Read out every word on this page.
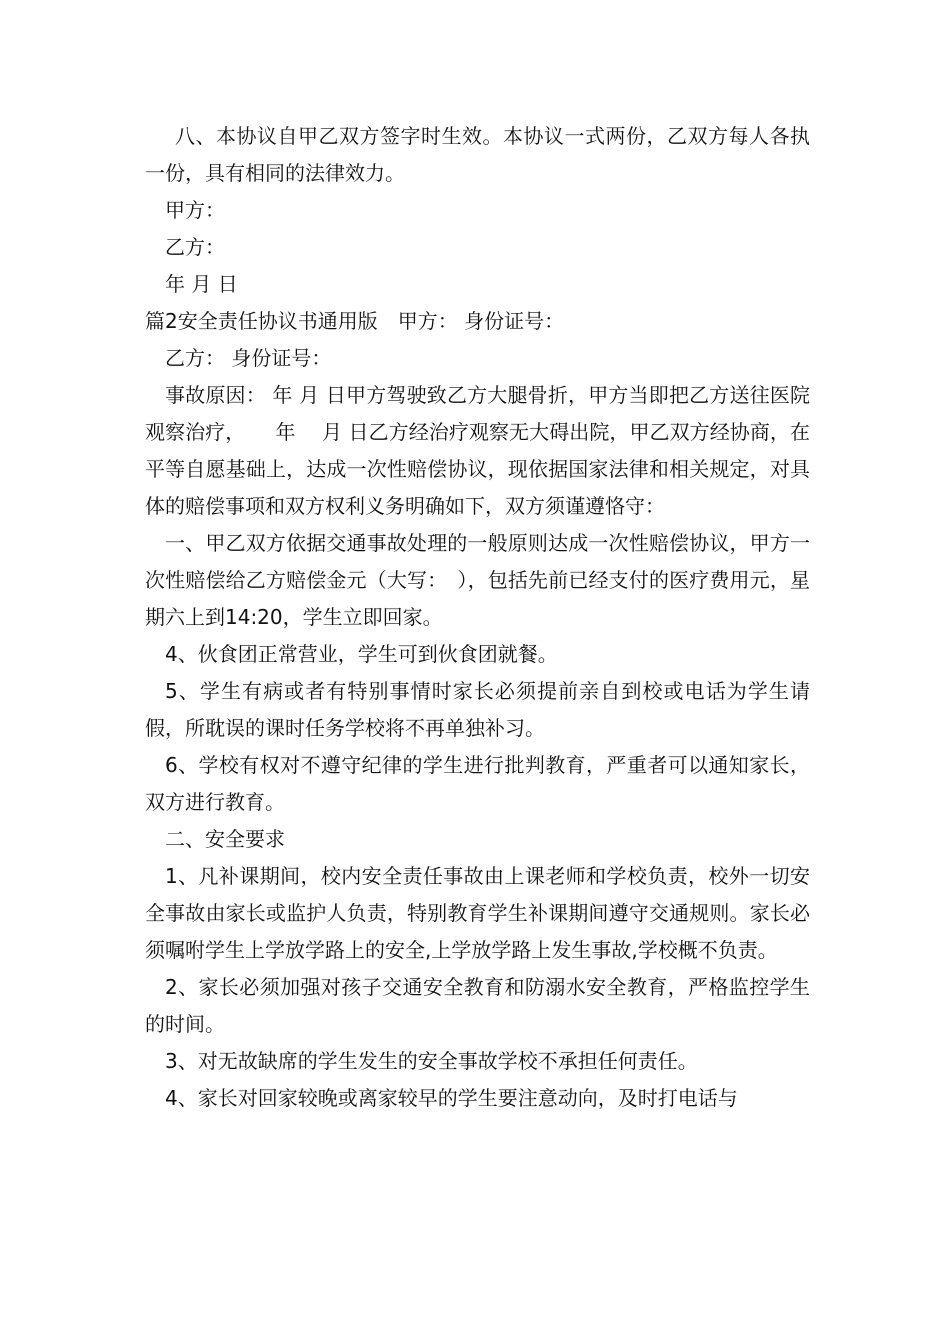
八、本协议自甲乙双方签字时生效。本协议一式两份，乙双方每人各执一份，具有相同的法律效力。

甲方：

乙方：

年 月 日

篇2安全责任协议书通用版　甲方： 身份证号：

乙方： 身份证号：

事故原因： 年 月 日甲方驾驶致乙方大腿骨折，甲方当即把乙方送往医院观察治疗，　　年　 月 日乙方经治疗观察无大碍出院，甲乙双方经协商，在平等自愿基础上，达成一次性赔偿协议，现依据国家法律和相关规定，对具体的赔偿事项和双方权利义务明确如下，双方须谨遵恪守：

一、甲乙双方依据交通事故处理的一般原则达成一次性赔偿协议，甲方一次性赔偿给乙方赔偿金元（大写：　），包括先前已经支付的医疗费用元，星期六上到14:20，学生立即回家。

4、伙食团正常营业，学生可到伙食团就餐。

5、学生有病或者有特别事情时家长必须提前亲自到校或电话为学生请假，所耽误的课时任务学校将不再单独补习。

6、学校有权对不遵守纪律的学生进行批判教育，严重者可以通知家长，双方进行教育。

二、安全要求

1、凡补课期间，校内安全责任事故由上课老师和学校负责，校外一切安全事故由家长或监护人负责，特别教育学生补课期间遵守交通规则。家长必须嘱咐学生上学放学路上的安全,上学放学路上发生事故,学校概不负责。

2、家长必须加强对孩子交通安全教育和防溺水安全教育，严格监控学生的时间。

3、对无故缺席的学生发生的安全事故学校不承担任何责任。

4、家长对回家较晚或离家较早的学生要注意动向，及时打电话与
